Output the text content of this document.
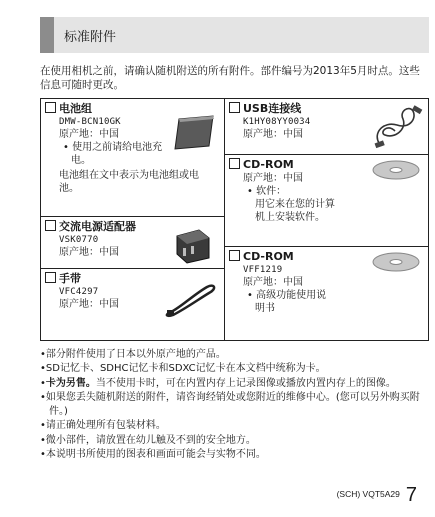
标准附件
在使用相机之前，请确认随机附送的所有附件。部件编号为2013年5月时点。这些信息可随时更改。
电池组
DMW-BCN10GK
原产地：中国
• 使用之前请给电池充电。
电池组在文中表示为电池组或电池。
交流电源适配器
VSK0770
原产地：中国
手带
VFC4297
原产地：中国
USB连接线
K1HY08YY0034
原产地：中国
CD-ROM
原产地：中国
• 软件：
用它来在您的计算机上安装软件。
CD-ROM
VFF1219
原产地：中国
• 高级功能使用说明书
•部分附件使用了日本以外原产地的产品。
•SD记忆卡、SDHC记忆卡和SDXC记忆卡在本文档中统称为卡。
•卡为另售。当不使用卡时，可在内置内存上记录图像或播放内置内存上的图像。
•如果您丢失随机附送的附件，请咨询经销处或您附近的维修中心。(您可以另外购买附件。)
•请正确处理所有包装材料。
•微小部件，请放置在幼儿触及不到的安全地方。
•本说明书所使用的图表和画面可能会与实物不同。
$^{(SCH) VQT5A29}$ 7
